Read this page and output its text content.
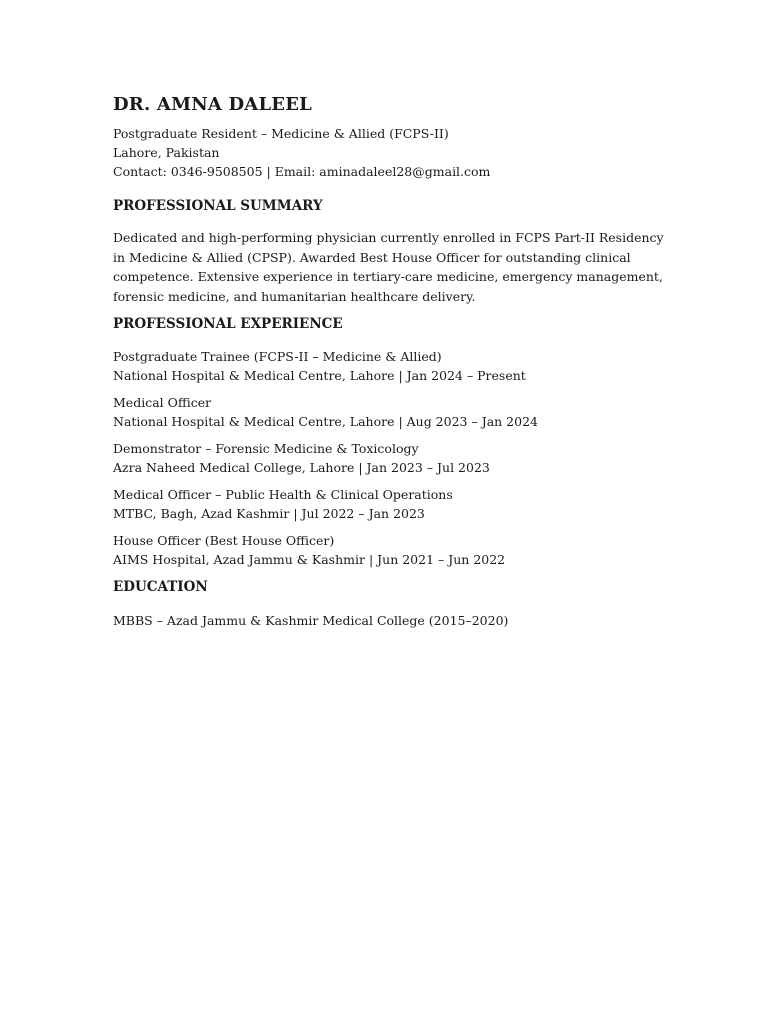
DR. AMNA DALEEL

Postgraduate Resident – Medicine & Allied (FCPS-II)

Lahore, Pakistan

Contact: 0346-9508505 | Email: aminadaleel28@gmail.com

PROFESSIONAL SUMMARY

Dedicated and high-performing physician currently enrolled in FCPS Part-II Residency in Medicine & Allied (CPSP). Awarded Best House Officer for outstanding clinical competence. Extensive experience in tertiary-care medicine, emergency management, forensic medicine, and humanitarian healthcare delivery.

PROFESSIONAL EXPERIENCE

Postgraduate Trainee (FCPS-II – Medicine & Allied)

National Hospital & Medical Centre, Lahore | Jan 2024 – Present

Medical Officer

National Hospital & Medical Centre, Lahore | Aug 2023 – Jan 2024

Demonstrator – Forensic Medicine & Toxicology

Azra Naheed Medical College, Lahore | Jan 2023 – Jul 2023

Medical Officer – Public Health & Clinical Operations

MTBC, Bagh, Azad Kashmir | Jul 2022 – Jan 2023

House Officer (Best House Officer)

AIMS Hospital, Azad Jammu & Kashmir | Jun 2021 – Jun 2022

EDUCATION

MBBS – Azad Jammu & Kashmir Medical College (2015–2020)
